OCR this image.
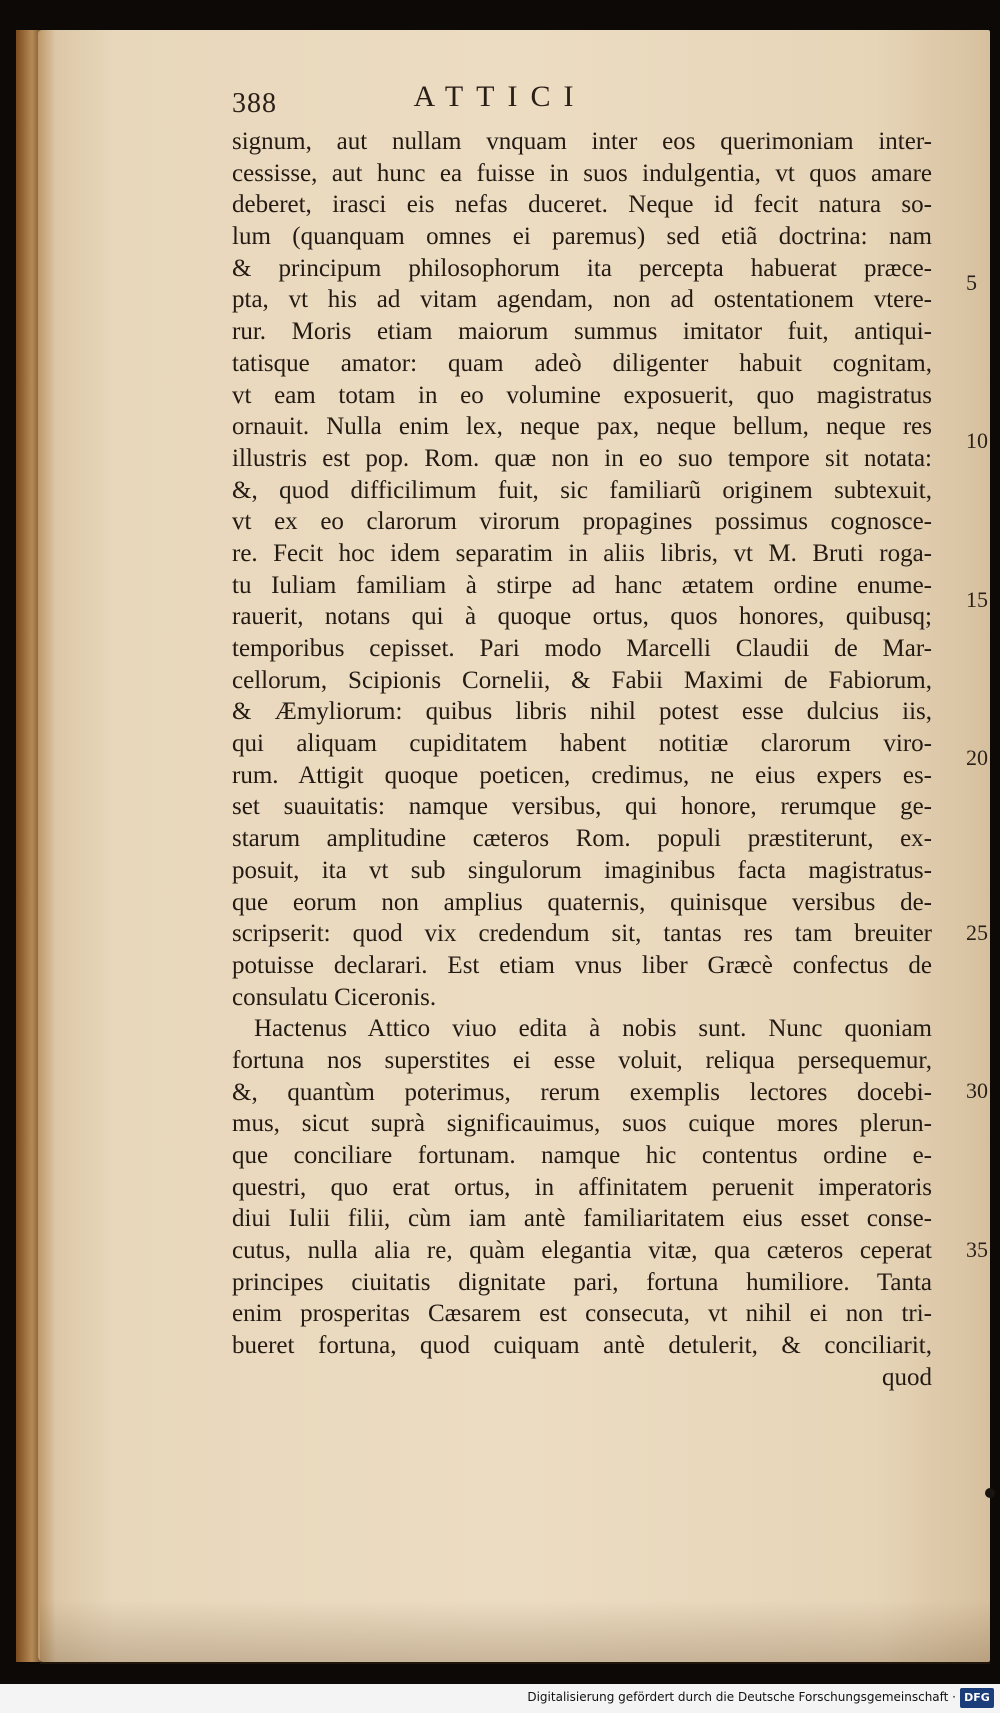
388	ATTICI
signum, aut nullam vnquam inter eos querimoniam inter-
cessisse, aut hunc ea fuisse in suos indulgentia, vt quos amare
deberet, irasci eis nefas duceret. Neque id fecit natura so-
lum (quanquam omnes ei paremus) sed etiã doctrina: nam
& principum philosophorum ita percepta habuerat præce-
pta, vt his ad vitam agendam, non ad ostentationem vtere-
rur. Moris etiam maiorum summus imitator fuit, antiqui-
tatisque amator: quam adeò diligenter habuit cognitam,
vt eam totam in eo volumine exposuerit, quo magistratus
ornauit. Nulla enim lex, neque pax, neque bellum, neque res
illustris est pop. Rom. quæ non in eo suo tempore sit notata:
&, quod difficilimum fuit, sic familiarũ originem subtexuit,
vt ex eo clarorum virorum propagines possimus cognosce-
re. Fecit hoc idem separatim in aliis libris, vt M. Bruti roga-
tu Iuliam familiam à stirpe ad hanc ætatem ordine enume-
rauerit, notans qui à quoque ortus, quos honores, quibusq;
temporibus cepisset. Pari modo Marcelli Claudii de Mar-
cellorum, Scipionis Cornelii, & Fabii Maximi de Fabiorum,
& Æmyliorum: quibus libris nihil potest esse dulcius iis,
qui aliquam cupiditatem habent notitiæ clarorum viro-
rum. Attigit quoque poeticen, credimus, ne eius expers es-
set suauitatis: namque versibus, qui honore, rerumque ge-
starum amplitudine cæteros Rom. populi præstiterunt, ex-
posuit, ita vt sub singulorum imaginibus facta magistratus-
que eorum non amplius quaternis, quinisque versibus de-
scripserit: quod vix credendum sit, tantas res tam breuiter
potuisse declarari. Est etiam vnus liber Græcè confectus de
consulatu Ciceronis.
Hactenus Attico viuo edita à nobis sunt. Nunc quoniam
fortuna nos superstites ei esse voluit, reliqua persequemur,
&, quantùm poterimus, rerum exemplis lectores docebi-
mus, sicut suprà significauimus, suos cuique mores plerun-
que conciliare fortunam. namque hic contentus ordine e-
questri, quo erat ortus, in affinitatem peruenit imperatoris
diui Iulii filii, cùm iam antè familiaritatem eius esset conse-
cutus, nulla alia re, quàm elegantia vitæ, qua cæteros ceperat
principes ciuitatis dignitate pari, fortuna humiliore. Tanta
enim prosperitas Cæsarem est consecuta, vt nihil ei non tri-
bueret fortuna, quod cuiquam antè detulerit, & conciliarit,
quod
5
10
15
20
25
30
35
Digitalisierung gefördert durch die Deutsche Forschungsgemeinschaft · DFG
